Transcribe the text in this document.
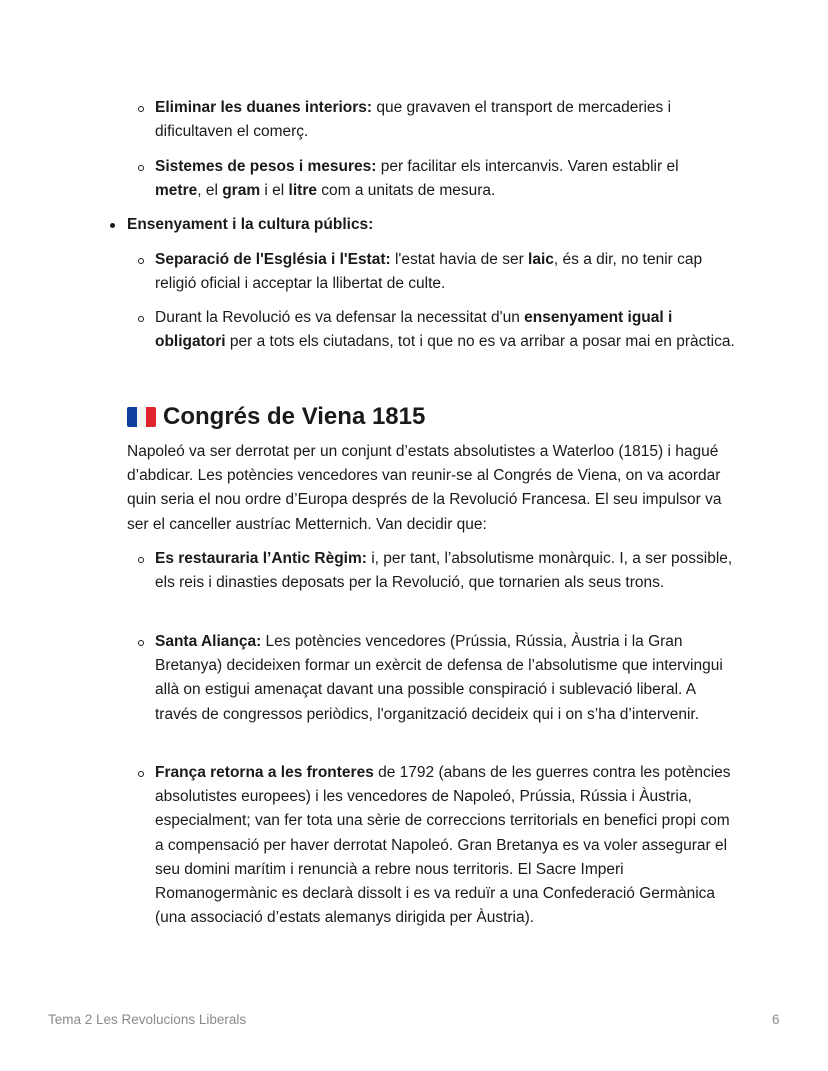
Eliminar les duanes interiors: que gravaven el transport de mercaderies i dificultaven el comerç.
Sistemes de pesos i mesures: per facilitar els intercanvis. Varen establir el metre, el gram i el litre com a unitats de mesura.
Ensenyament i la cultura públics:
Separació de l'Església i l'Estat: l'estat havia de ser laic, és a dir, no tenir cap religió oficial i acceptar la llibertat de culte.
Durant la Revolució es va defensar la necessitat d'un ensenyament igual i obligatori per a tots els ciutadans, tot i que no es va arribar a posar mai en pràctica.
Congrés de Viena 1815
Napoleó va ser derrotat per un conjunt d’estats absolutistes a Waterloo (1815) i hagué d’abdicar. Les potències vencedores van reunir-se al Congrés de Viena, on va acordar quin seria el nou ordre d’Europa després de la Revolució Francesa. El seu impulsor va ser el canceller austríac Metternich. Van decidir que:
Es restauraria l’Antic Règim: i, per tant, l’absolutisme monàrquic. I, a ser possible, els reis i dinasties deposats per la Revolució, que tornarien als seus trons.
Santa Aliança: Les potències vencedores (Prússia, Rússia, Àustria i la Gran Bretanya) decideixen formar un exèrcit de defensa de l’absolutisme que intervingui allà on estigui amenaçat davant una possible conspiració i sublevació liberal. A través de congressos periòdics, l'organització decideix qui i on s’ha d’intervenir.
França retorna a les fronteres de 1792 (abans de les guerres contra les potències absolutistes europees) i les vencedores de Napoleó, Prússia, Rússia i Àustria, especialment; van fer tota una sèrie de correccions territorials en benefici propi com a compensació per haver derrotat Napoleó. Gran Bretanya es va voler assegurar el seu domini marítim i renuncià a rebre nous territoris. El Sacre Imperi Romanogermànic es declarà dissolt i es va reduïr a una Confederació Germànica (una associació d’estats alemanys dirigida per Àustria).
Tema 2 Les Revolucions Liberals	6
